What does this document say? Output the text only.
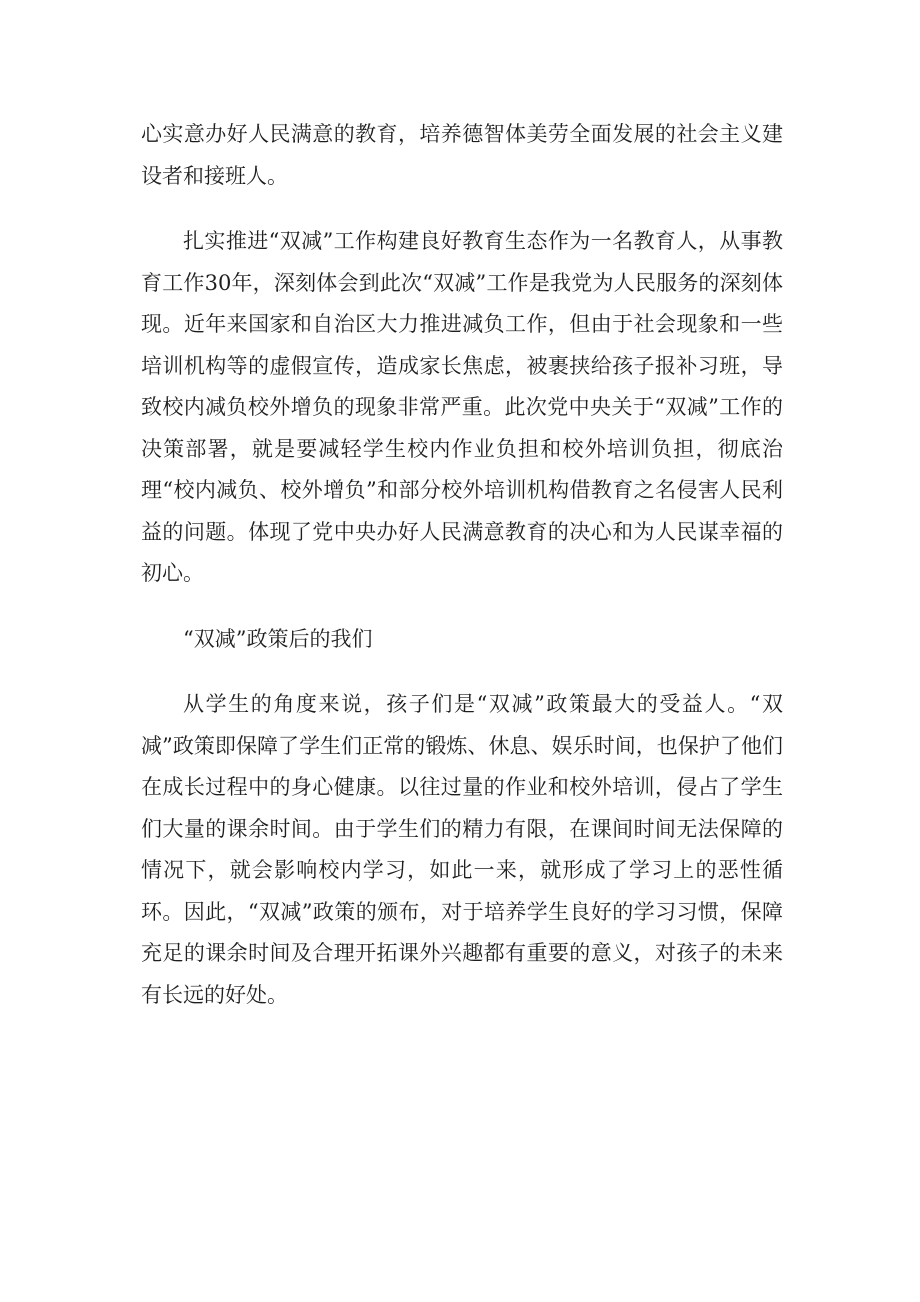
心实意办好人民满意的教育，培养德智体美劳全面发展的社会主义建设者和接班人。

扎实推进“双减”工作构建良好教育生态作为一名教育人，从事教育工作30年，深刻体会到此次“双减”工作是我党为人民服务的深刻体现。近年来国家和自治区大力推进减负工作，但由于社会现象和一些培训机构等的虚假宣传，造成家长焦虑，被裹挟给孩子报补习班，导致校内减负校外增负的现象非常严重。此次党中央关于“双减”工作的决策部署，就是要减轻学生校内作业负担和校外培训负担，彻底治理“校内减负、校外增负”和部分校外培训机构借教育之名侵害人民利益的问题。体现了党中央办好人民满意教育的决心和为人民谋幸福的初心。

“双减”政策后的我们

从学生的角度来说，孩子们是“双减”政策最大的受益人。“双减”政策即保障了学生们正常的锻炼、休息、娱乐时间，也保护了他们在成长过程中的身心健康。以往过量的作业和校外培训，侵占了学生们大量的课余时间。由于学生们的精力有限，在课间时间无法保障的情况下，就会影响校内学习，如此一来，就形成了学习上的恶性循环。因此，“双减”政策的颁布，对于培养学生良好的学习习惯，保障充足的课余时间及合理开拓课外兴趣都有重要的意义，对孩子的未来有长远的好处。
